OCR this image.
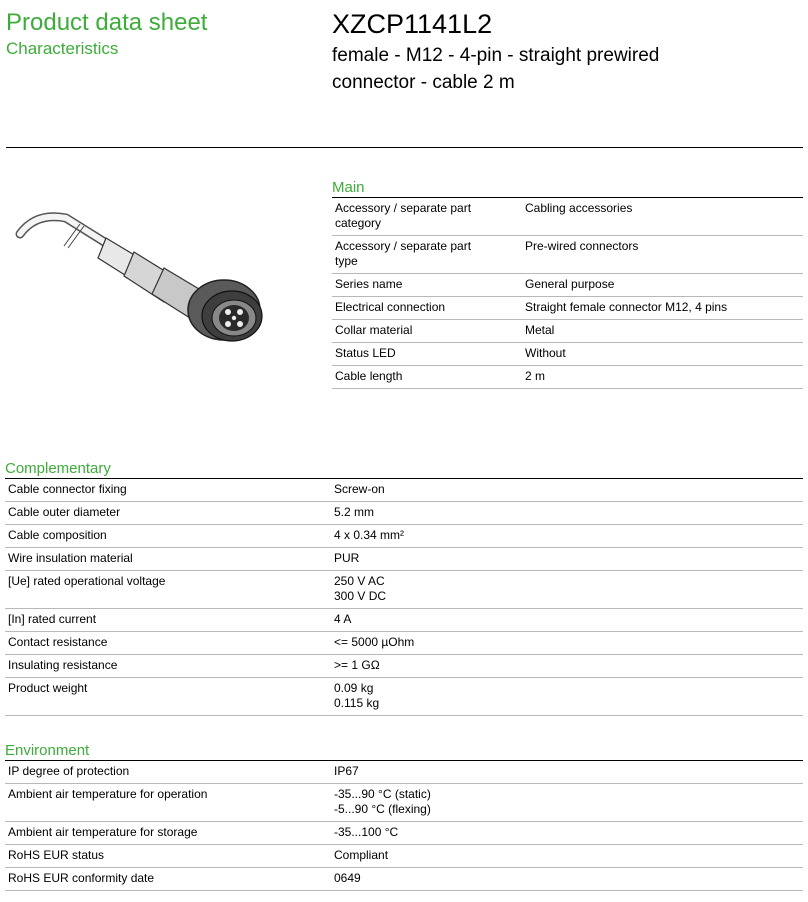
Product data sheet
Characteristics
XZCP1141L2
female - M12 - 4-pin - straight prewired
connector - cable 2 m
Main
Accessory / separate part category	Cabling accessories

Accessory / separate part type	Pre-wired connectors

Series name	General purpose

Electrical connection	Straight female connector M12, 4 pins

Collar material	Metal

Status LED	Without

Cable length	2 m
Complementary
Cable connector fixing	Screw-on

Cable outer diameter	5.2 mm

Cable composition	4 x 0.34 mm²

Wire insulation material	PUR

[Ue] rated operational voltage	250 V AC
300 V DC

[In] rated current	4 A

Contact resistance	<= 5000 µOhm

Insulating resistance	>= 1 GΩ

Product weight	0.09 kg
0.115 kg
Environment
IP degree of protection	IP67

Ambient air temperature for operation	-35...90 °C (static)
-5...90 °C (flexing)

Ambient air temperature for storage	-35...100 °C

RoHS EUR status	Compliant

RoHS EUR conformity date	0649
